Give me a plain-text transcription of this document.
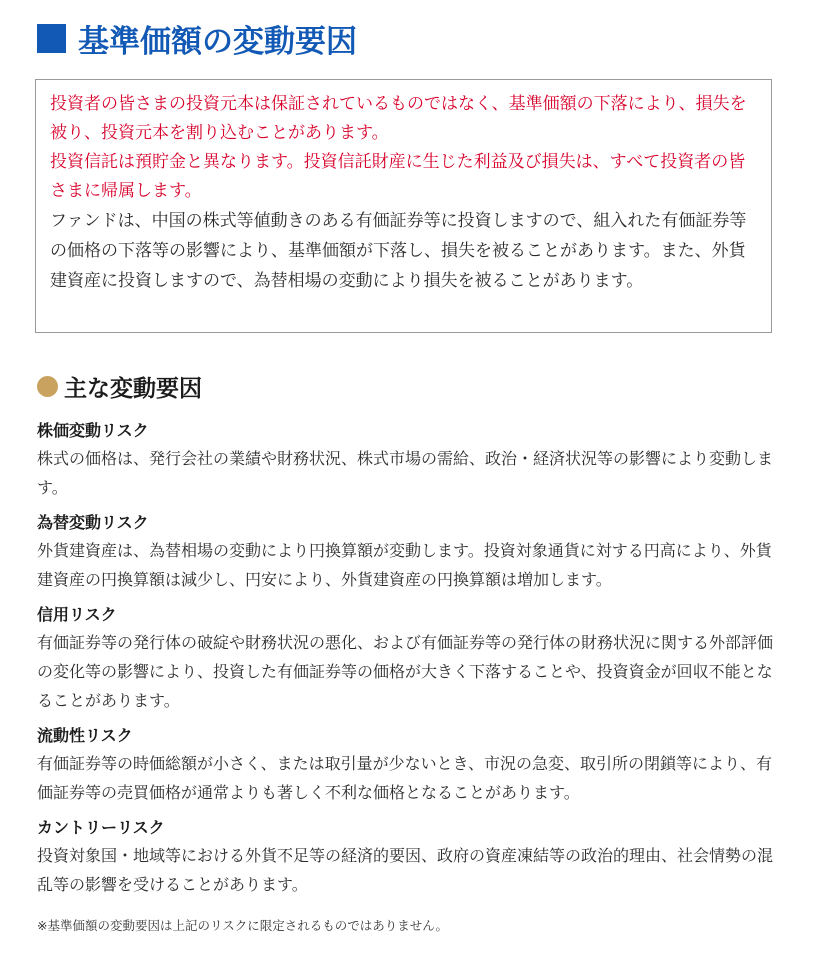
基準価額の変動要因

投資者の皆さまの投資元本は保証されているものではなく、基準価額の下落により、損失を被り、投資元本を割り込むことがあります。

投資信託は預貯金と異なります。投資信託財産に生じた利益及び損失は、すべて投資者の皆さまに帰属します。

ファンドは、中国の株式等値動きのある有価証券等に投資しますので、組入れた有価証券等の価格の下落等の影響により、基準価額が下落し、損失を被ることがあります。また、外貨建資産に投資しますので、為替相場の変動により損失を被ることがあります。

主な変動要因
株価変動リスク
株式の価格は、発行会社の業績や財務状況、株式市場の需給、政治・経済状況等の影響により変動します。
為替変動リスク
外貨建資産は、為替相場の変動により円換算額が変動します。投資対象通貨に対する円高により、外貨建資産の円換算額は減少し、円安により、外貨建資産の円換算額は増加します。
信用リスク
有価証券等の発行体の破綻や財務状況の悪化、および有価証券等の発行体の財務状況に関する外部評価の変化等の影響により、投資した有価証券等の価格が大きく下落することや、投資資金が回収不能となることがあります。
流動性リスク
有価証券等の時価総額が小さく、または取引量が少ないとき、市況の急変、取引所の閉鎖等により、有価証券等の売買価格が通常よりも著しく不利な価格となることがあります。
カントリーリスク
投資対象国・地域等における外貨不足等の経済的要因、政府の資産凍結等の政治的理由、社会情勢の混乱等の影響を受けることがあります。
※基準価額の変動要因は上記のリスクに限定されるものではありません。
